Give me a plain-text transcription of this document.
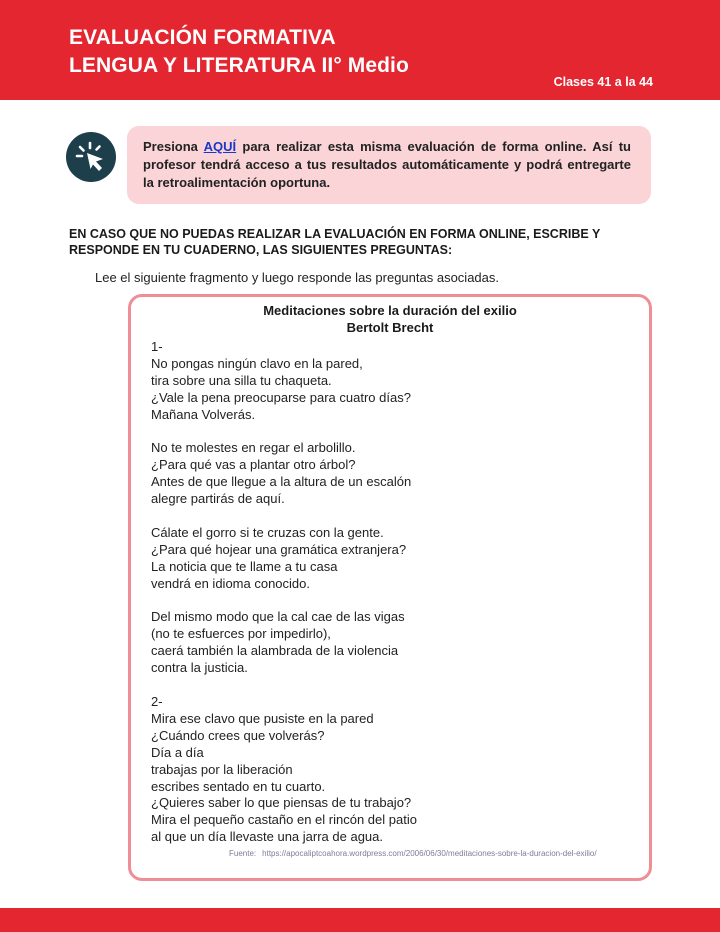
EVALUACIÓN FORMATIVA
LENGUA Y LITERATURA II° Medio
Clases 41 a la 44
Presiona AQUÍ para realizar esta misma evaluación de forma online. Así tu profesor tendrá acceso a tus resultados automáticamente y podrá entregarte la retroalimentación oportuna.
EN CASO QUE NO PUEDAS REALIZAR LA EVALUACIÓN EN FORMA ONLINE, ESCRIBE Y RESPONDE EN TU CUADERNO, LAS SIGUIENTES PREGUNTAS:
Lee el siguiente fragmento y luego responde las preguntas asociadas.
Meditaciones sobre la duración del exilio
Bertolt Brecht
1-
No pongas ningún clavo en la pared,
tira sobre una silla tu chaqueta.
¿Vale la pena preocuparse para cuatro días?
Mañana Volverás.
No te molestes en regar el arbolillo.
¿Para qué vas a plantar otro árbol?
Antes de que llegue a la altura de un escalón
alegre partirás de aquí.
Cálate el gorro si te cruzas con la gente.
¿Para qué hojear una gramática extranjera?
La noticia que te llame a tu casa
vendrá en idioma conocido.
Del mismo modo que la cal cae de las vigas
(no te esfuerces por impedirlo),
caerá también la alambrada de la violencia
contra la justicia.
2-
Mira ese clavo que pusiste en la pared
¿Cuándo crees que volverás?
Día a día
trabajas por la liberación
escribes sentado en tu cuarto.
¿Quieres saber lo que piensas de tu trabajo?
Mira el pequeño castaño en el rincón del patio
al que un día llevaste una jarra de agua.
Fuente: https://apocaliptcoahora.wordpress.com/2006/06/30/meditaciones-sobre-la-duracion-del-exilio/
